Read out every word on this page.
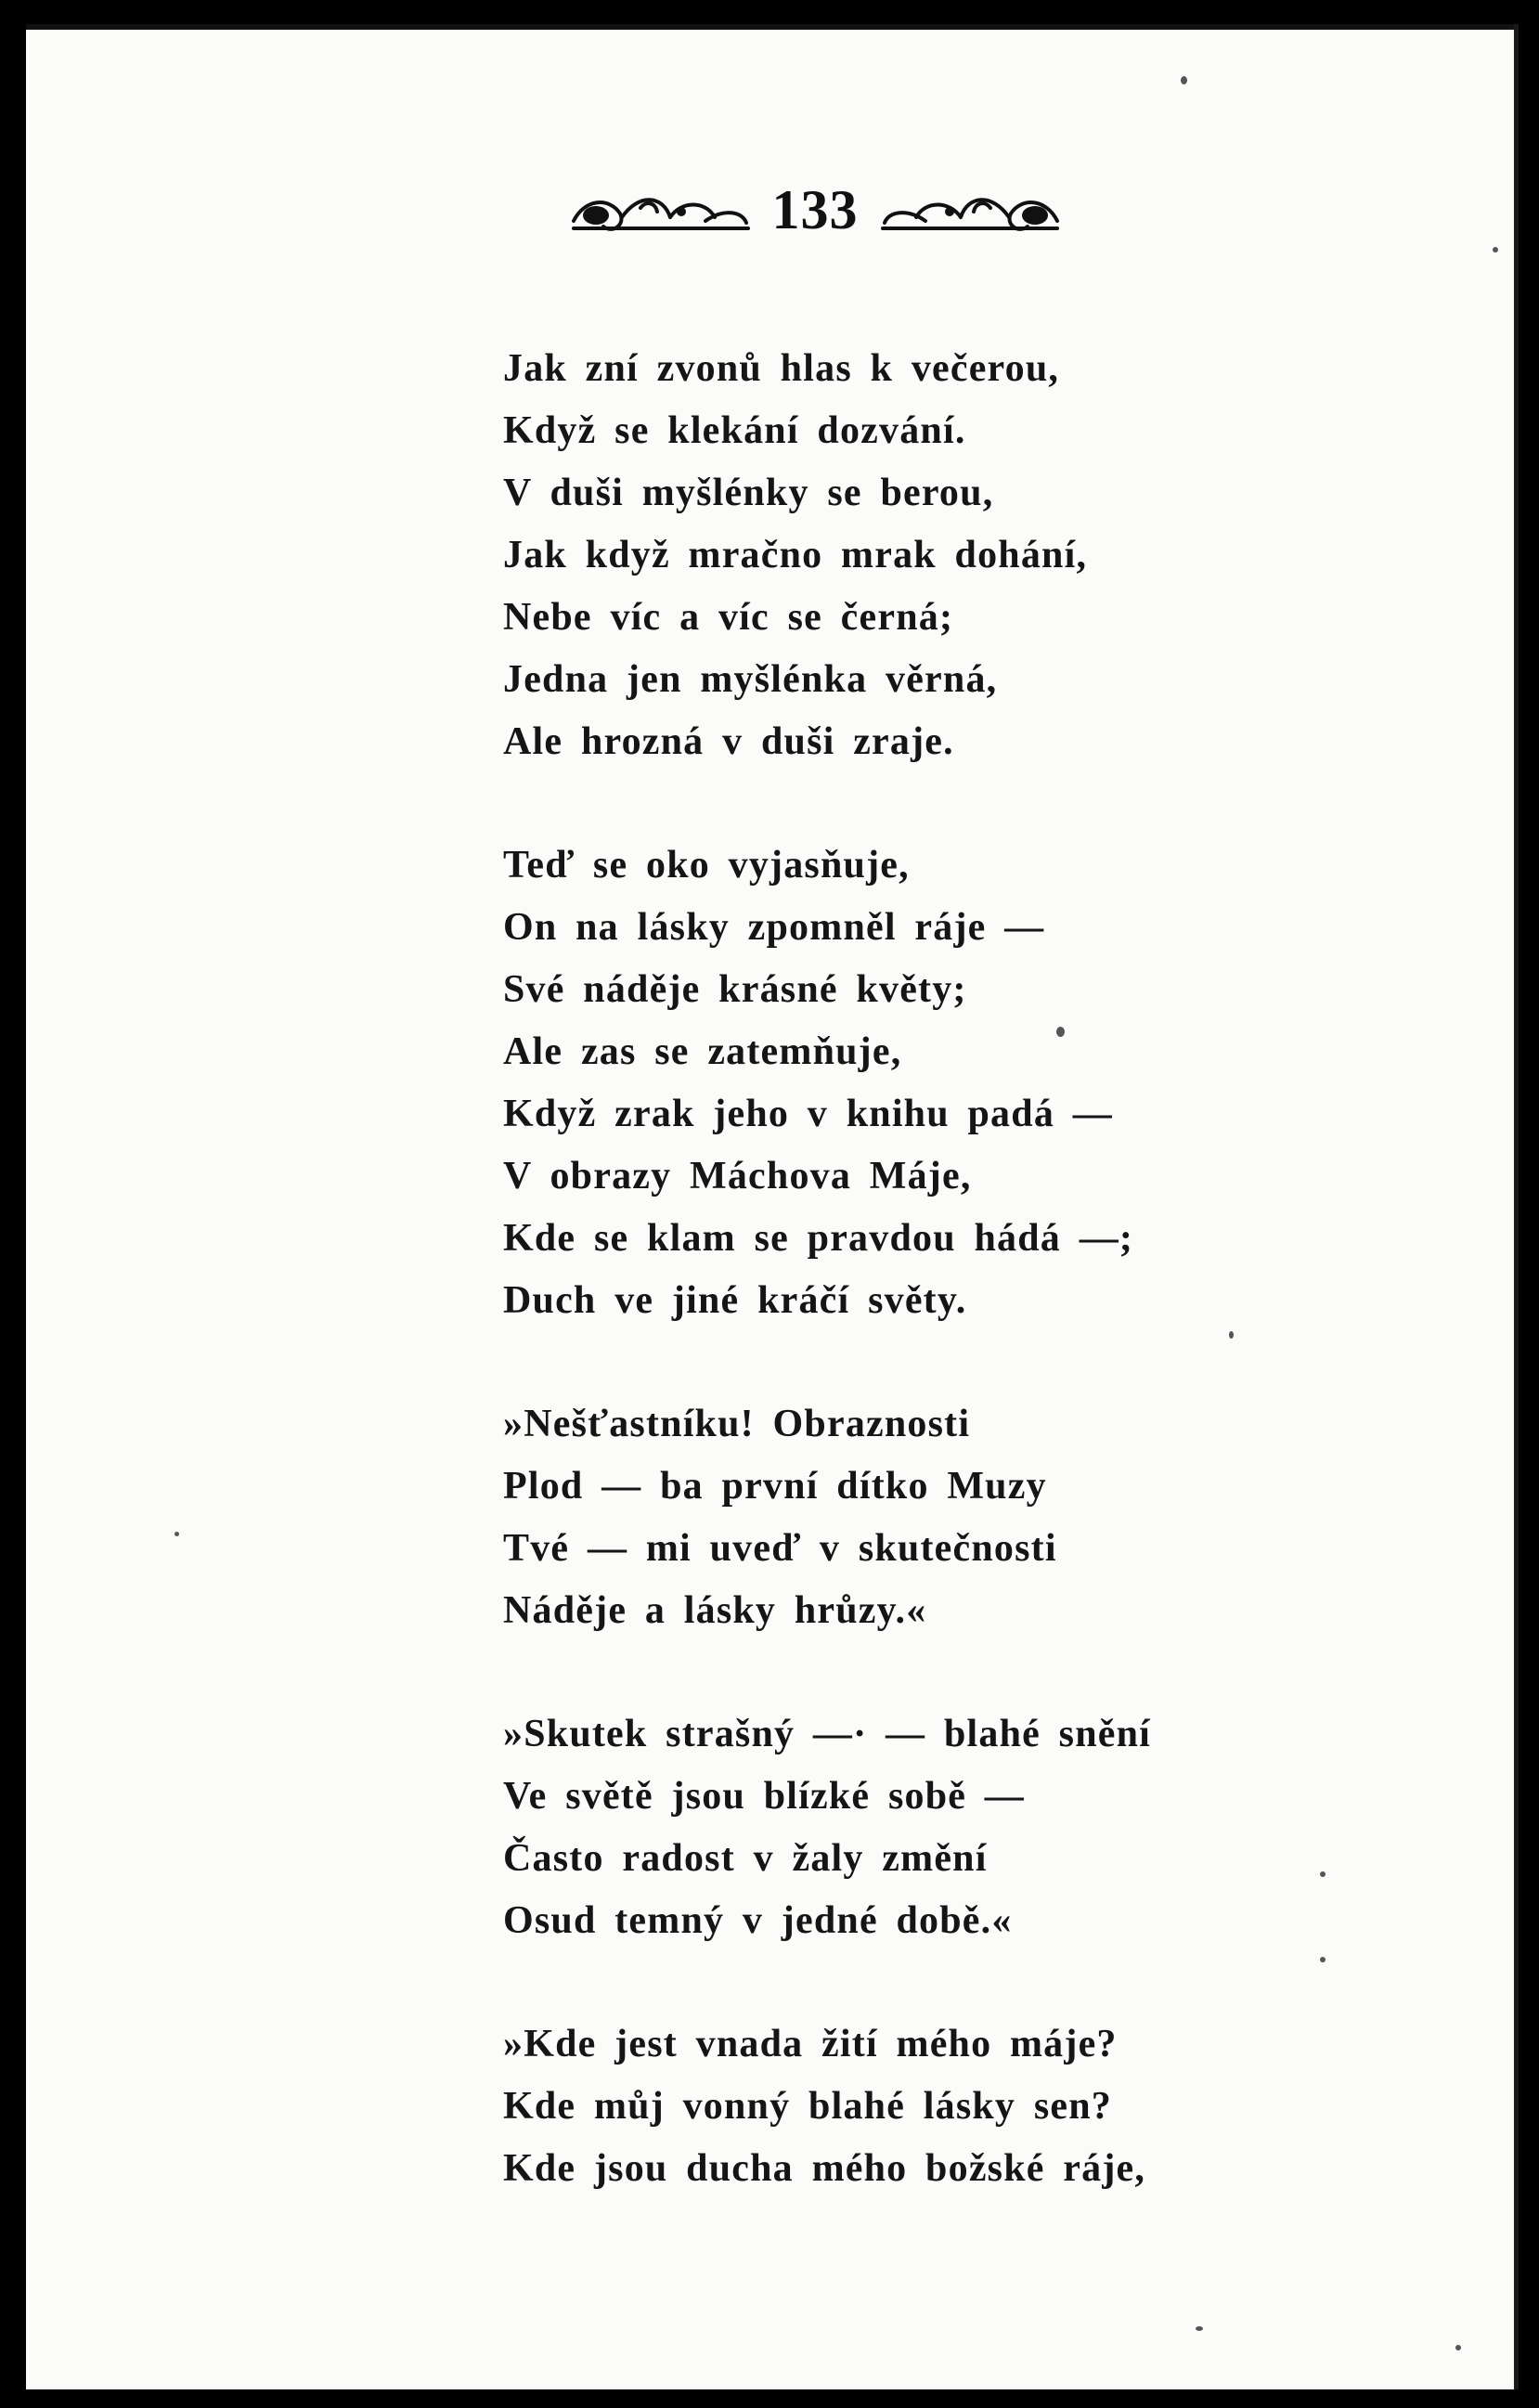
133
Jak zní zvonů hlas k večerou,
Když se klekání dozvání.
V duši myšlénky se berou,
Jak když mračno mrak dohání,
Nebe víc a víc se černá;
Jedna jen myšlénka věrná,
Ale hrozná v duši zraje.
Teď se oko vyjasňuje,
On na lásky zpomněl ráje —
Své náděje krásné květy;
Ale zas se zatemňuje,
Když zrak jeho v knihu padá —
V obrazy Máchova Máje,
Kde se klam se pravdou hádá —;
Duch ve jiné kráčí světy.
»Nešťastníku! Obraznosti
Plod — ba první dítko Muzy
Tvé — mi uveď v skutečnosti
Náděje a lásky hrůzy.«
»Skutek strašný —· — blahé snění
Ve světě jsou blízké sobě —
Často radost v žaly změní
Osud temný v jedné době.«
»Kde jest vnada žití mého máje?
Kde můj vonný blahé lásky sen?
Kde jsou ducha mého božské ráje,
